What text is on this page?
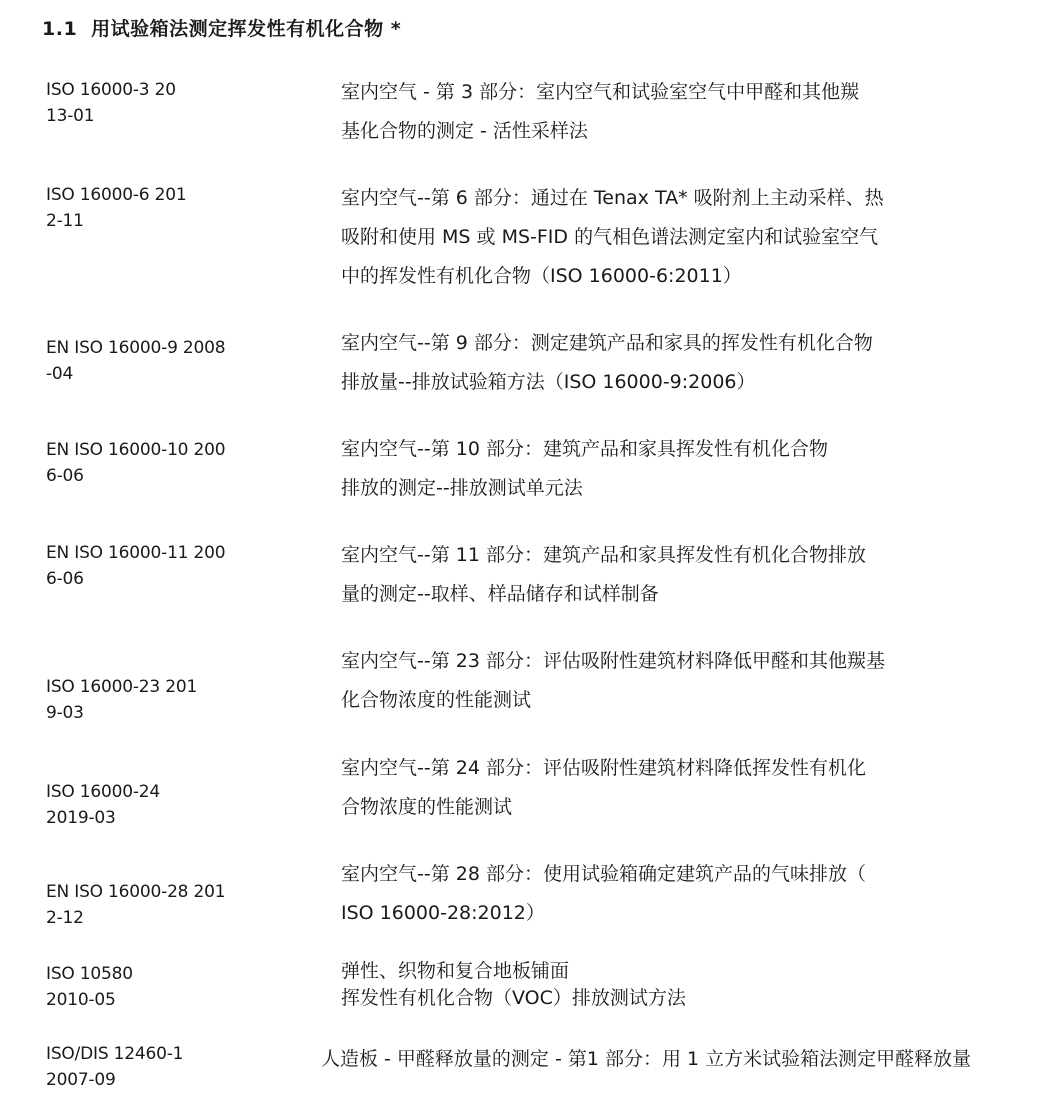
1.1 用试验箱法测定挥发性有机化合物 *
ISO 16000-3 20
13-01
室内空气 - 第 3 部分：室内空气和试验室空气中甲醛和其他羰
基化合物的测定 - 活性采样法
ISO 16000-6 201
2-11
室内空气--第 6 部分：通过在 Tenax TA* 吸附剂上主动采样、热
吸附和使用 MS 或 MS-FID 的气相色谱法测定室内和试验室空气
中的挥发性有机化合物（ISO 16000-6:2011）
EN ISO 16000-9 2008
-04
室内空气--第 9 部分：测定建筑产品和家具的挥发性有机化合物
排放量--排放试验箱方法（ISO 16000-9:2006）
EN ISO 16000-10 200
6-06
室内空气--第 10 部分：建筑产品和家具挥发性有机化合物
排放的测定--排放测试单元法
EN ISO 16000-11 200
6-06
室内空气--第 11 部分：建筑产品和家具挥发性有机化合物排放
量的测定--取样、样品储存和试样制备
ISO 16000-23 201
9-03
室内空气--第 23 部分：评估吸附性建筑材料降低甲醛和其他羰基
化合物浓度的性能测试
ISO 16000-24
2019-03
室内空气--第 24 部分：评估吸附性建筑材料降低挥发性有机化
合物浓度的性能测试
EN ISO 16000-28 201
2-12
室内空气--第 28 部分：使用试验箱确定建筑产品的气味排放（
ISO 16000-28:2012）
ISO 10580
2010-05
弹性、织物和复合地板铺面
挥发性有机化合物（VOC）排放测试方法
ISO/DIS 12460-1
2007-09
人造板 - 甲醛释放量的测定 - 第1 部分：用 1 立方米试验箱法测定甲醛释放量
